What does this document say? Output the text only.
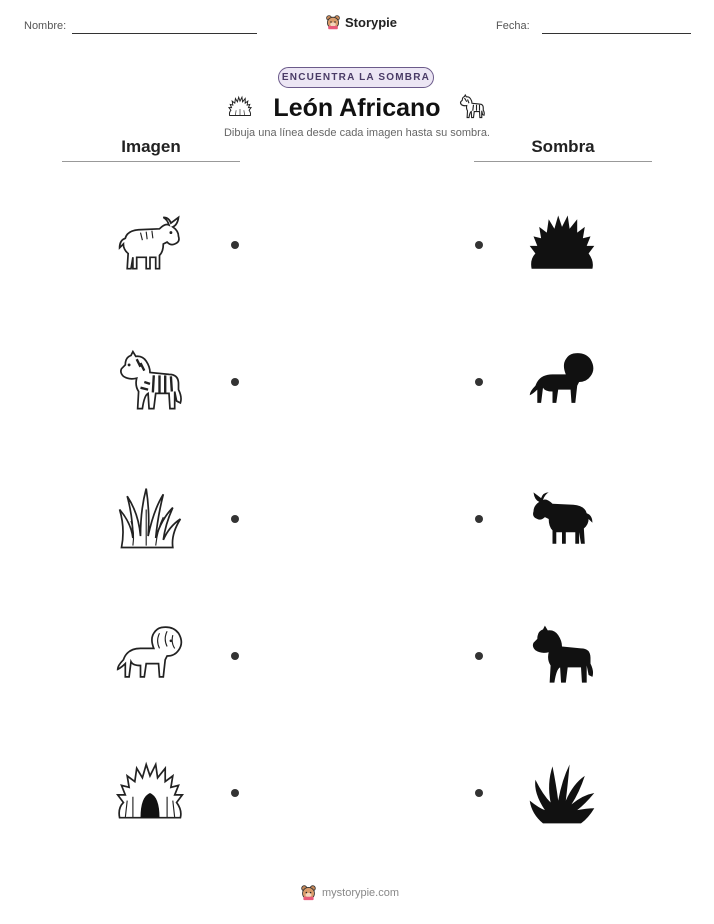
Nombre:	Storypie	Fecha:
ENCUENTRA LA SOMBRA
León Africano
Dibuja una línea desde cada imagen hasta su sombra.
Imagen	Sombra
mystorypie.com
